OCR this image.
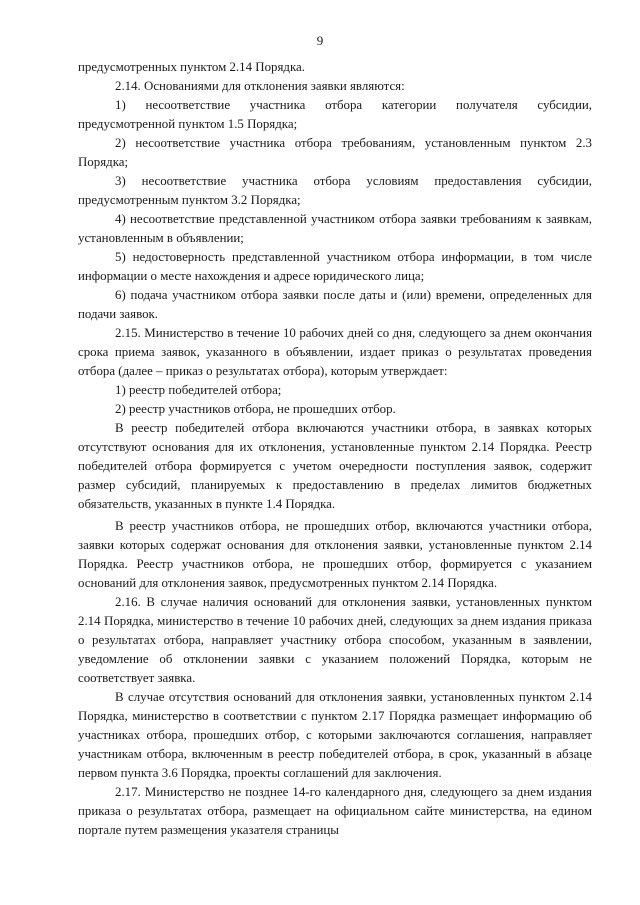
9

предусмотренных пунктом 2.14 Порядка.

2.14. Основаниями для отклонения заявки являются:

1) несоответствие участника отбора категории получателя субсидии, предусмотренной пунктом 1.5 Порядка;

2) несоответствие участника отбора требованиям, установленным пунктом 2.3 Порядка;

3) несоответствие участника отбора условиям предоставления субсидии, предусмотренным пунктом 3.2 Порядка;

4) несоответствие представленной участником отбора заявки требованиям к заявкам, установленным в объявлении;

5) недостоверность представленной участником отбора информации, в том числе информации о месте нахождения и адресе юридического лица;

6) подача участником отбора заявки после даты и (или) времени, определенных для подачи заявок.

2.15. Министерство в течение 10 рабочих дней со дня, следующего за днем окончания срока приема заявок, указанного в объявлении, издает приказ о результатах проведения отбора (далее – приказ о результатах отбора), которым утверждает:

1) реестр победителей отбора;

2) реестр участников отбора, не прошедших отбор.

В реестр победителей отбора включаются участники отбора, в заявках которых отсутствуют основания для их отклонения, установленные пунктом 2.14 Порядка. Реестр победителей отбора формируется с учетом очередности поступления заявок, содержит размер субсидий, планируемых к предоставлению в пределах лимитов бюджетных обязательств, указанных в пункте 1.4 Порядка.

В реестр участников отбора, не прошедших отбор, включаются участники отбора, заявки которых содержат основания для отклонения заявки, установленные пунктом 2.14 Порядка. Реестр участников отбора, не прошедших отбор, формируется с указанием оснований для отклонения заявок, предусмотренных пунктом 2.14 Порядка.

2.16. В случае наличия оснований для отклонения заявки, установленных пунктом 2.14 Порядка, министерство в течение 10 рабочих дней, следующих за днем издания приказа о результатах отбора, направляет участнику отбора способом, указанным в заявлении, уведомление об отклонении заявки с указанием положений Порядка, которым не соответствует заявка.

В случае отсутствия оснований для отклонения заявки, установленных пунктом 2.14 Порядка, министерство в соответствии с пунктом 2.17 Порядка размещает информацию об участниках отбора, прошедших отбор, с которыми заключаются соглашения, направляет участникам отбора, включенным в реестр победителей отбора, в срок, указанный в абзаце первом пункта 3.6 Порядка, проекты соглашений для заключения.

2.17. Министерство не позднее 14-го календарного дня, следующего за днем издания приказа о результатах отбора, размещает на официальном сайте министерства, на едином портале путем размещения указателя страницы
